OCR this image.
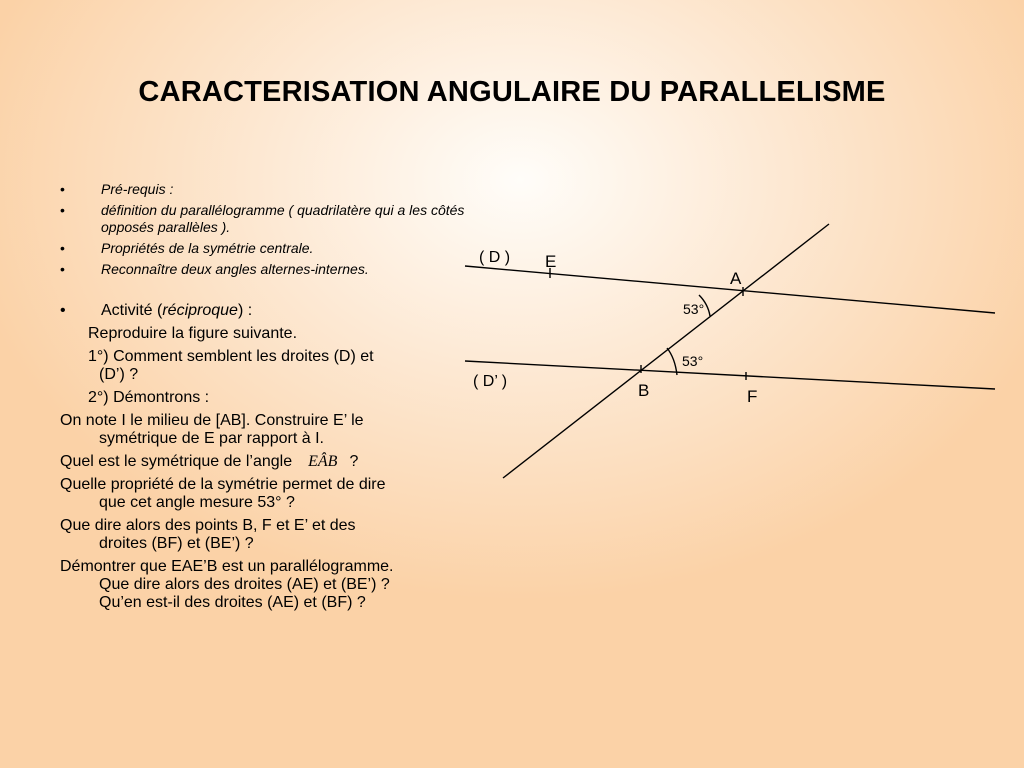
CARACTERISATION ANGULAIRE DU PARALLELISME
• Pré-requis :
• définition du parallélogramme ( quadrilatère qui a les côtés opposés parallèles ).
• Propriétés de la symétrie centrale.
• Reconnaître deux angles alternes-internes.
• Activité (réciproque) :
Reproduire la figure suivante.
1°) Comment semblent les droites (D) et
(D’) ?
2°) Démontrons :
On note I le milieu de [AB]. Construire E’ le
symétrique de E par rapport à I.
Quel est le symétrique de l’angle EÂB ?
Quelle propriété de la symétrie permet de dire
que cet angle mesure 53° ?
Que dire alors des points B, F et E’ et des
droites (BF) et (BE’) ?
Démontrer que EAE’B est un parallélogramme.
Que dire alors des droites (AE) et (BE’) ?
Qu’en est-il des droites (AE) et (BF) ?
( D )
( D’ )
E
A
B	F
53°
53°
